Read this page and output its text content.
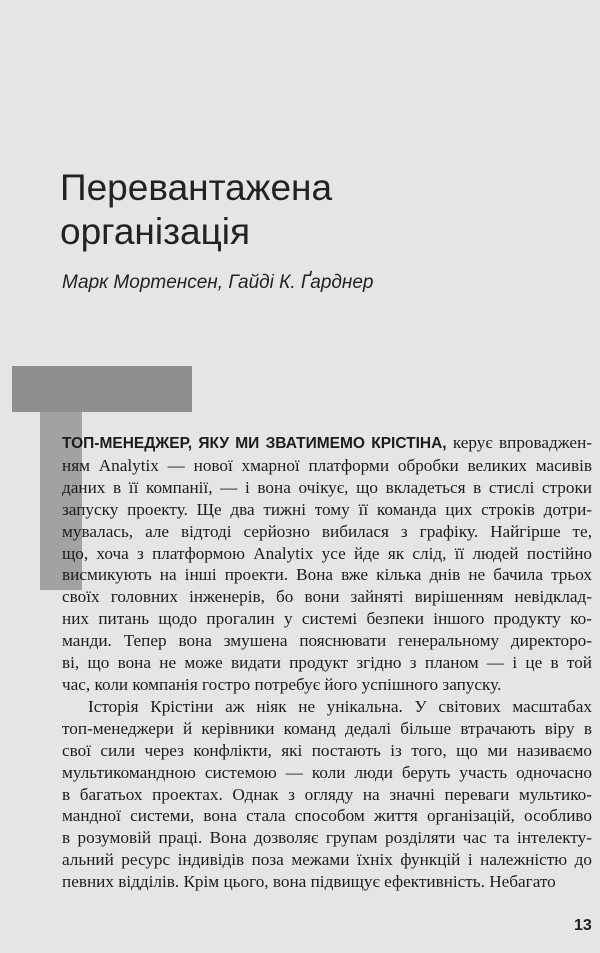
Перевантажена
організація
Марк Мортенсен, Гайді К. Ґарднер
ТОП-МЕНЕДЖЕР, ЯКУ МИ ЗВАТИМЕМО КРІСТІНА, керує впроваджен-
ням Analytix — нової хмарної платформи обробки великих масивів
даних в її компанії, — і вона очікує, що вкладеться в стислі строки
запуску проекту. Ще два тижні тому її команда цих строків дотри-
мувалась, але відтоді серйозно вибилася з графіку. Найгірше те,
що, хоча з платформою Analytix усе йде як слід, її людей постійно
висмикують на інші проекти. Вона вже кілька днів не бачила трьох
своїх головних інженерів, бо вони зайняті вирішенням невідклад-
них питань щодо прогалин у системі безпеки іншого продукту ко-
манди. Тепер вона змушена пояснювати генеральному директоро-
ві, що вона не може видати продукт згідно з планом — і це в той
час, коли компанія гостро потребує його успішного запуску.
Історія Крістіни аж ніяк не унікальна. У світових масштабах
топ-менеджери й керівники команд дедалі більше втрачають віру в
свої сили через конфлікти, які постають із того, що ми називаємо
мультикомандною системою — коли люди беруть участь одночасно
в багатьох проектах. Однак з огляду на значні переваги мультико-
мандної системи, вона стала способом життя організацій, особливо
в розумовій праці. Вона дозволяє групам розділяти час та інтелекту-
альний ресурс індивідів поза межами їхніх функцій і належністю до
певних відділів. Крім цього, вона підвищує ефективність. Небагато
13
